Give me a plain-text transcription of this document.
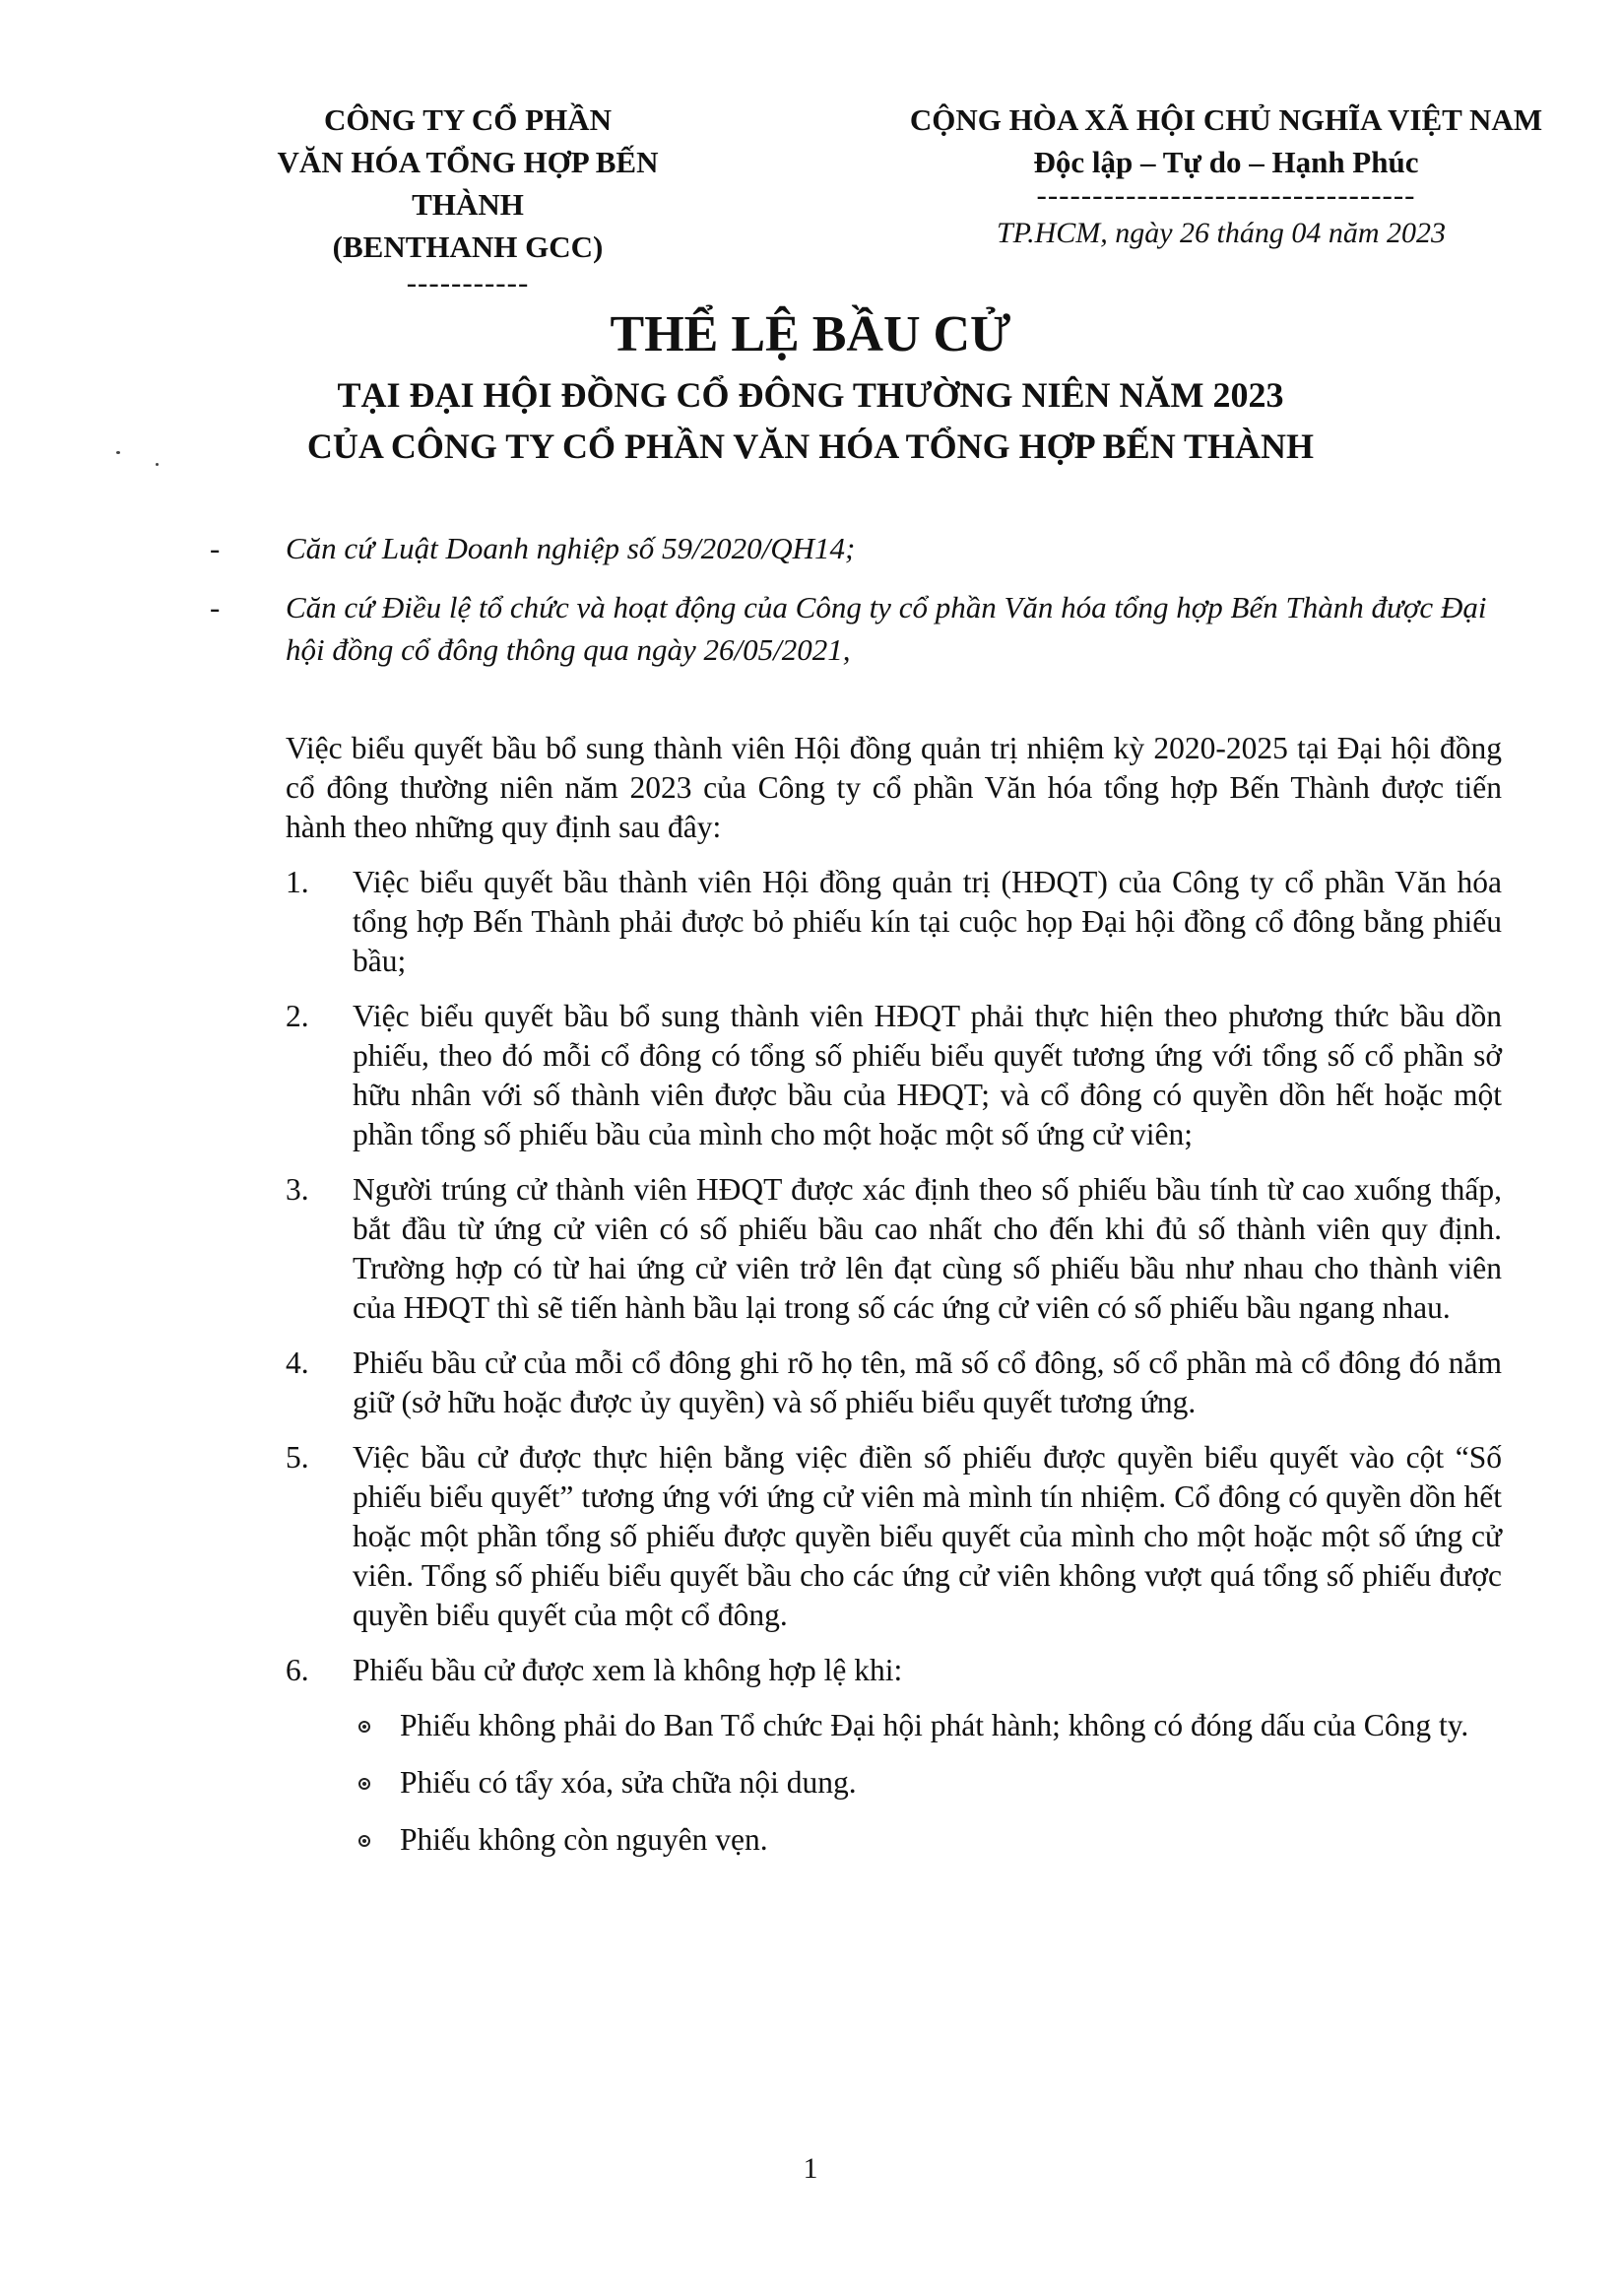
CÔNG TY CỔ PHẦN
VĂN HÓA TỔNG HỢP BẾN THÀNH
(BENTHANH GCC)
-----------
CỘNG HÒA XÃ HỘI CHỦ NGHĨA VIỆT NAM
Độc lập – Tự do – Hạnh Phúc
----------------------------------
TP.HCM, ngày 26 tháng 04 năm 2023
THỂ LỆ BẦU CỬ
TẠI ĐẠI HỘI ĐỒNG CỔ ĐÔNG THƯỜNG NIÊN NĂM 2023
CỦA CÔNG TY CỔ PHẦN VĂN HÓA TỔNG HỢP BẾN THÀNH
- Căn cứ Luật Doanh nghiệp số 59/2020/QH14;
- Căn cứ Điều lệ tổ chức và hoạt động của Công ty cổ phần Văn hóa tổng hợp Bến Thành được Đại hội đồng cổ đông thông qua ngày 26/05/2021,

Việc biểu quyết bầu bổ sung thành viên Hội đồng quản trị nhiệm kỳ 2020-2025 tại Đại hội đồng cổ đông thường niên năm 2023 của Công ty cổ phần Văn hóa tổng hợp Bến Thành được tiến hành theo những quy định sau đây:

1. Việc biểu quyết bầu thành viên Hội đồng quản trị (HĐQT) của Công ty cổ phần Văn hóa tổng hợp Bến Thành phải được bỏ phiếu kín tại cuộc họp Đại hội đồng cổ đông bằng phiếu bầu;
2. Việc biểu quyết bầu bổ sung thành viên HĐQT phải thực hiện theo phương thức bầu dồn phiếu, theo đó mỗi cổ đông có tổng số phiếu biểu quyết tương ứng với tổng số cổ phần sở hữu nhân với số thành viên được bầu của HĐQT; và cổ đông có quyền dồn hết hoặc một phần tổng số phiếu bầu của mình cho một hoặc một số ứng cử viên;
3. Người trúng cử thành viên HĐQT được xác định theo số phiếu bầu tính từ cao xuống thấp, bắt đầu từ ứng cử viên có số phiếu bầu cao nhất cho đến khi đủ số thành viên quy định. Trường hợp có từ hai ứng cử viên trở lên đạt cùng số phiếu bầu như nhau cho thành viên của HĐQT thì sẽ tiến hành bầu lại trong số các ứng cử viên có số phiếu bầu ngang nhau.
4. Phiếu bầu cử của mỗi cổ đông ghi rõ họ tên, mã số cổ đông, số cổ phần mà cổ đông đó nắm giữ (sở hữu hoặc được ủy quyền) và số phiếu biểu quyết tương ứng.
5. Việc bầu cử được thực hiện bằng việc điền số phiếu được quyền biểu quyết vào cột “Số phiếu biểu quyết” tương ứng với ứng cử viên mà mình tín nhiệm. Cổ đông có quyền dồn hết hoặc một phần tổng số phiếu được quyền biểu quyết của mình cho một hoặc một số ứng cử viên. Tổng số phiếu biểu quyết bầu cho các ứng cử viên không vượt quá tổng số phiếu được quyền biểu quyết của một cổ đông.
6. Phiếu bầu cử được xem là không hợp lệ khi:
Phiếu không phải do Ban Tổ chức Đại hội phát hành; không có đóng dấu của Công ty.
Phiếu có tẩy xóa, sửa chữa nội dung.
Phiếu không còn nguyên vẹn.
1
